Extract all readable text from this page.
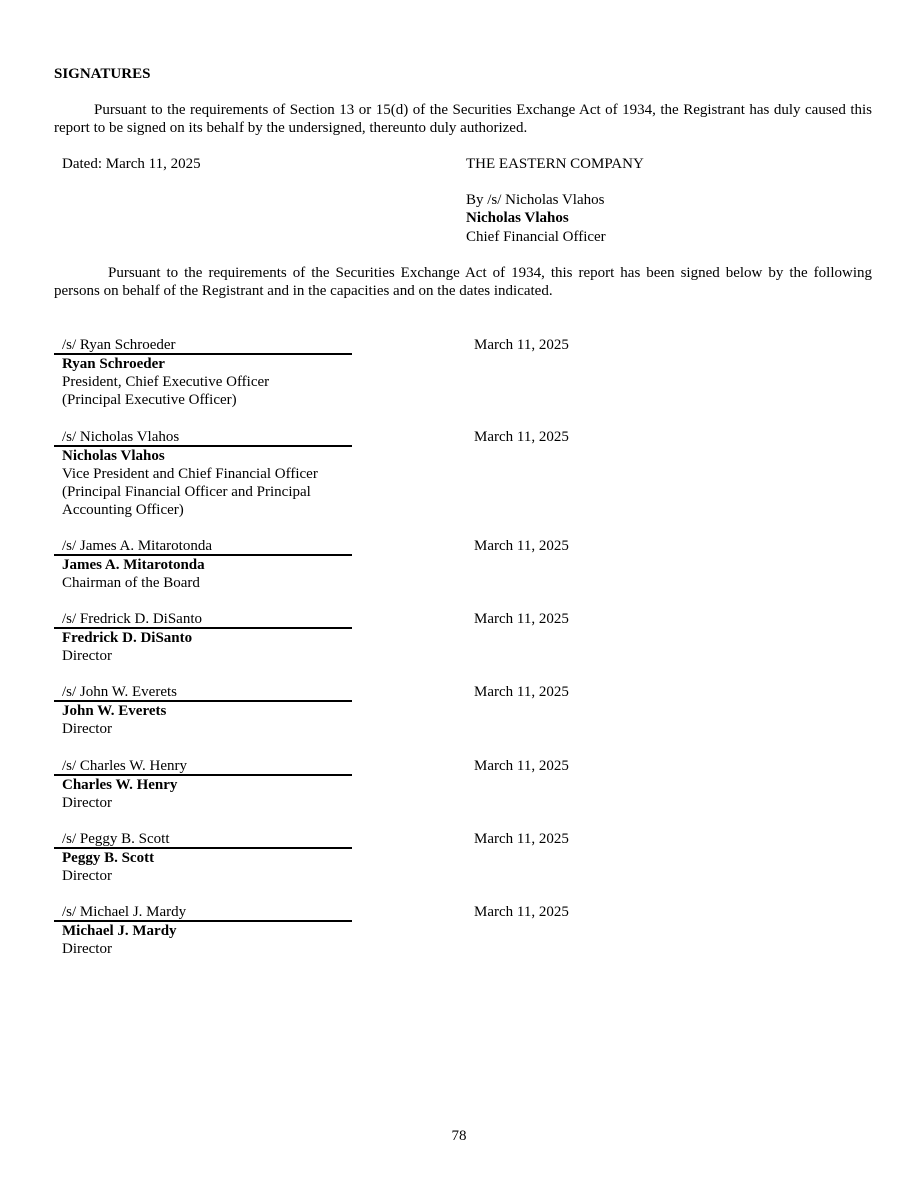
SIGNATURES
Pursuant to the requirements of Section 13 or 15(d) of the Securities Exchange Act of 1934, the Registrant has duly caused this report to be signed on its behalf by the undersigned, thereunto duly authorized.
Dated: March 11, 2025	THE EASTERN COMPANY
By /s/ Nicholas Vlahos
Nicholas Vlahos
Chief Financial Officer
Pursuant to the requirements of the Securities Exchange Act of 1934, this report has been signed below by the following persons on behalf of the Registrant and in the capacities and on the dates indicated.
/s/ Ryan Schroeder
Ryan Schroeder
President, Chief Executive Officer
(Principal Executive Officer)
March 11, 2025
/s/ Nicholas Vlahos
Nicholas Vlahos
Vice President and Chief Financial Officer
(Principal Financial Officer and Principal
Accounting Officer)
March 11, 2025
/s/ James A. Mitarotonda
James A. Mitarotonda
Chairman of the Board
March 11, 2025
/s/ Fredrick D. DiSanto
Fredrick D. DiSanto
Director
March 11, 2025
/s/ John W. Everets
John W. Everets
Director
March 11, 2025
/s/ Charles W. Henry
Charles W. Henry
Director
March 11, 2025
/s/ Peggy B. Scott
Peggy B. Scott
Director
March 11, 2025
/s/ Michael J. Mardy
Michael J. Mardy
Director
March 11, 2025
78
